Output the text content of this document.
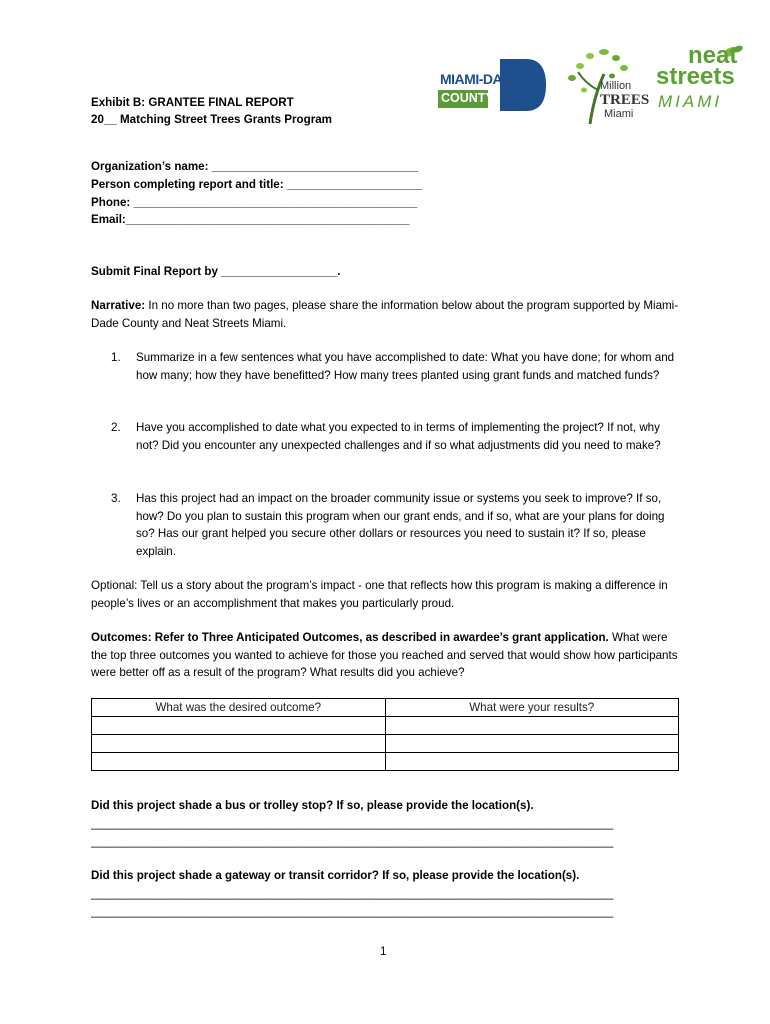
MIAMI-DADE
COUNTY
Million
TREES
Miami
neat
streets
MIAMI
Exhibit B: GRANTEE FINAL REPORT
20__ Matching Street Trees Grants Program
Organization’s name: ________________________________
Person completing report and title: _____________________
Phone: ____________________________________________
Email:____________________________________________
Submit Final Report by __________________.
Narrative: In no more than two pages, please share the information below about the program supported by Miami-Dade County and Neat Streets Miami.
1.	Summarize in a few sentences what you have accomplished to date: What you have done; for whom and how many; how they have benefitted? How many trees planted using grant funds and matched funds?
2.	Have you accomplished to date what you expected to in terms of implementing the project? If not, why not? Did you encounter any unexpected challenges and if so what adjustments did you need to make?
3.	Has this project had an impact on the broader community issue or systems you seek to improve? If so, how? Do you plan to sustain this program when our grant ends, and if so, what are your plans for doing so? Has our grant helped you secure other dollars or resources you need to sustain it? If so, please explain.
Optional: Tell us a story about the program’s impact - one that reflects how this program is making a difference in people’s lives or an accomplishment that makes you particularly proud.
Outcomes: Refer to Three Anticipated Outcomes, as described in awardee’s grant application. What were the top three outcomes you wanted to achieve for those you reached and served that would show how participants were better off as a result of the program? What results did you achieve?
What was the desired outcome?	What were your results?

Did this project shade a bus or trolley stop? If so, please provide the location(s).
_________________________________________________________________________________
_________________________________________________________________________________
Did this project shade a gateway or transit corridor? If so, please provide the location(s).
_________________________________________________________________________________
_________________________________________________________________________________
1
